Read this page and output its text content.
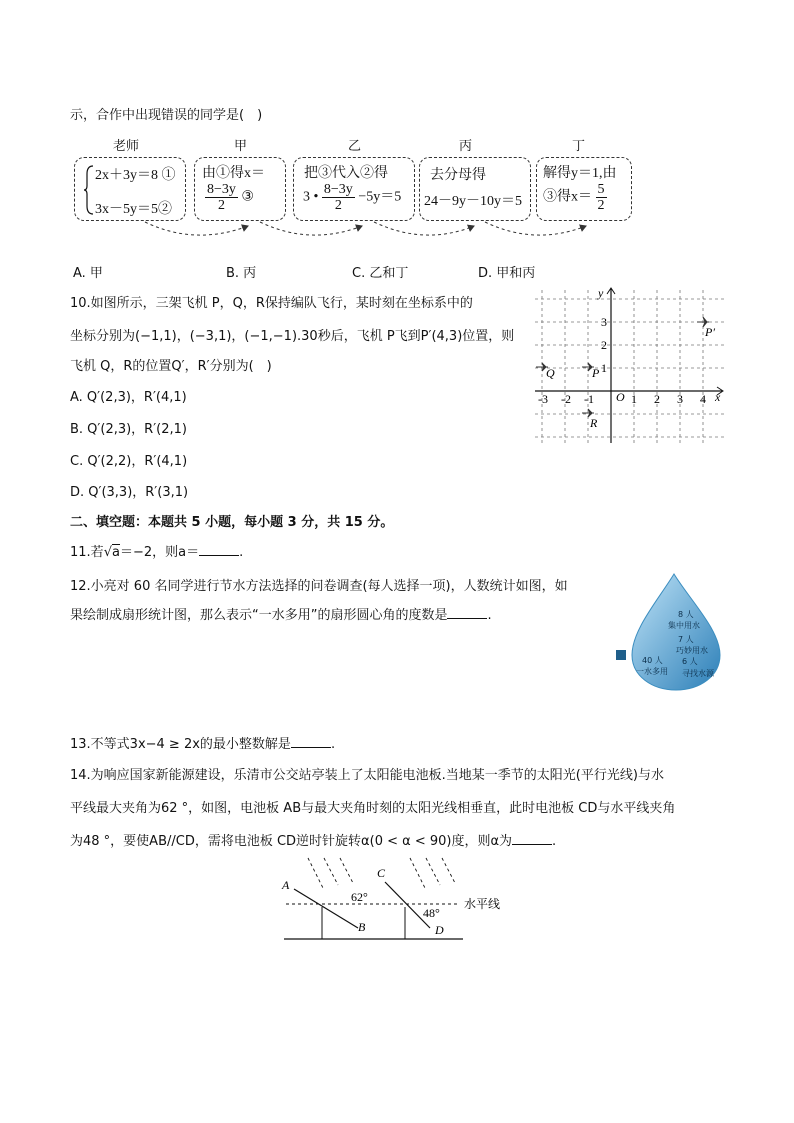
示，合作中出现错误的同学是(　)
老师	甲	乙	丙	丁
2x＋3y＝8 ①
3x－5y＝5②
由①得x＝
$\frac{8-3y}{2}$ ③
把③代入②得
3 • $\frac{8-3y}{2} -5y=5$
去分母得
24－9y－10y＝5
解得y＝1,由
③得$x= \frac{5}{2}$
A. 甲	B. 丙	C. 乙和丁	D. 甲和丙
10.如图所示，三架飞机 P，Q，R保持编队飞行，某时刻在坐标系中的
坐标分别为(−1,1)，(−3,1)，(−1,−1).30秒后，飞机 P飞到P′(4,3)位置，则
飞机 Q，R的位置Q′，R′分别为(　)
A. Q′(2,3)，R′(4,1)
B. Q′(2,3)，R′(2,1)
C. Q′(2,2)，R′(4,1)
D. Q′(3,3)，R′(3,1)
x
y
O
-3 -2 -1	1 2 3 4
3
2
1
P
Q
R
P′
二、填空题：本题共 5 小题，每小题 3 分，共 15 分。
11.若√a＝−2，则a＝	.
12.小亮对 60 名同学进行节水方法选择的问卷调查(每人选择一项)，人数统计如图，如
果绘制成扇形统计图，那么表示“一水多用”的扇形圆心角的度数是	.	8 人
集中用水
7 人
巧妙用水
40 人
一水多用
6 人
寻找水源
13.不等式3x−4 ≥ 2x的最小整数解是	.
14.为响应国家新能源建设，乐清市公交站亭装上了太阳能电池板.当地某一季节的太阳光(平行光线)与水
平线最大夹角为62 °，如图，电池板 AB与最大夹角时刻的太阳光线相垂直，此时电池板 CD与水平线夹角
为48 °，要使AB//CD，需将电池板 CD逆时针旋转α(0 < α < 90)度，则α为	.
A
B
C
D
62°
48°
水平线
